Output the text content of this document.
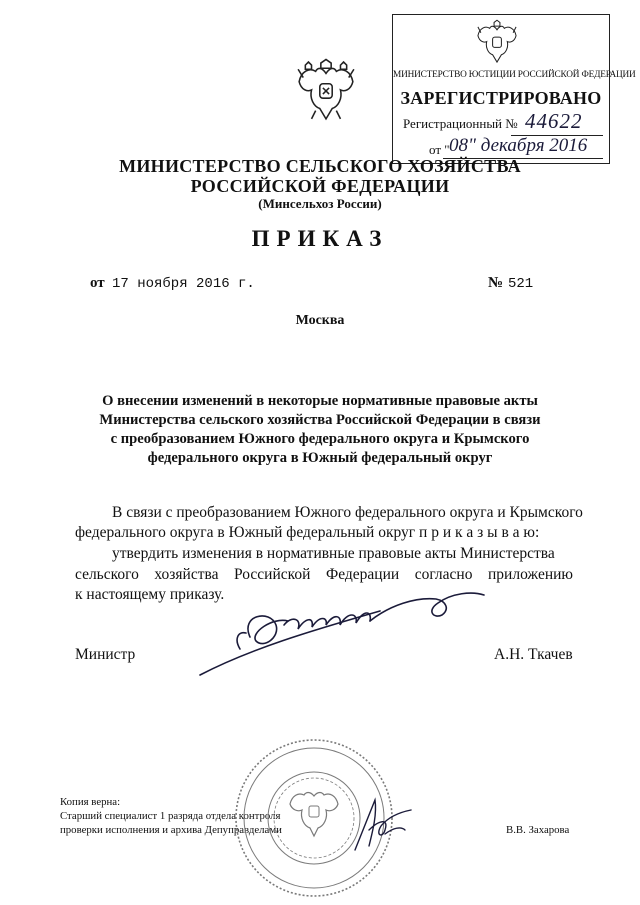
МИНИСТЕРСТВО ЮСТИЦИИ РОССИЙСКОЙ ФЕДЕРАЦИИ
ЗАРЕГИСТРИРОВАНО
Регистрационный № 44622
от " 08" декабря 2016
МИНИСТЕРСТВО СЕЛЬСКОГО ХОЗЯЙСТВА
РОССИЙСКОЙ ФЕДЕРАЦИИ
(Минсельхоз России)
ПРИКАЗ
от 17 ноября 2016 г.	№ 521
Москва
О внесении изменений в некоторые нормативные правовые акты
Министерства сельского хозяйства Российской Федерации в связи
с преобразованием Южного федерального округа и Крымского
федерального округа в Южный федеральный округ
В связи с преобразованием Южного федерального округа и Крымского
федерального округа в Южный федеральный округ п р и к а з ы в а ю:
утвердить изменения в нормативные правовые акты Министерства
сельского хозяйства Российской Федерации согласно приложению
к настоящему приказу.
Министр	А.Н. Ткачев
Копия верна:
Старший специалист 1 разряда отдела контроля
проверки исполнения и архива Депуправделами	В.В. Захарова
